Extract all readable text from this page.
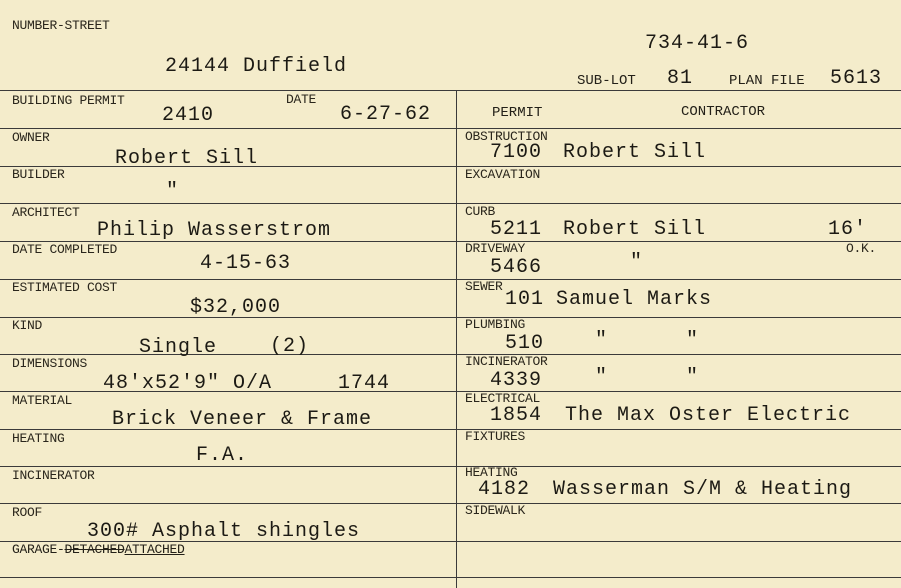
NUMBER-STREET
24144 Duffield
734-41-6
SUB-LOT 81	PLAN FILE 5613
BUILDING PERMIT
2410
DATE
6-27-62
OWNER
Robert Sill
BUILDER
"
ARCHITECT
Philip Wasserstrom
DATE COMPLETED
4-15-63
ESTIMATED COST
$32,000
KIND
Single	(2)
DIMENSIONS
48'x52'9" O/A	1744
MATERIAL
Brick Veneer & Frame
HEATING
F.A.
INCINERATOR
ROOF
300# Asphalt shingles
GARAGE-DETACHEDATTACHED
PERMIT	CONTRACTOR
OBSTRUCTION
7100 Robert Sill
EXCAVATION
CURB
5211 Robert Sill	16'
DRIVEWAY
5466	"
O.K.
SEWER
101 Samuel Marks
PLUMBING
510	"      "
INCINERATOR
4339	"      "
ELECTRICAL
1854 The Max Oster Electric
FIXTURES
HEATING
4182 Wasserman S/M & Heating
SIDEWALK
